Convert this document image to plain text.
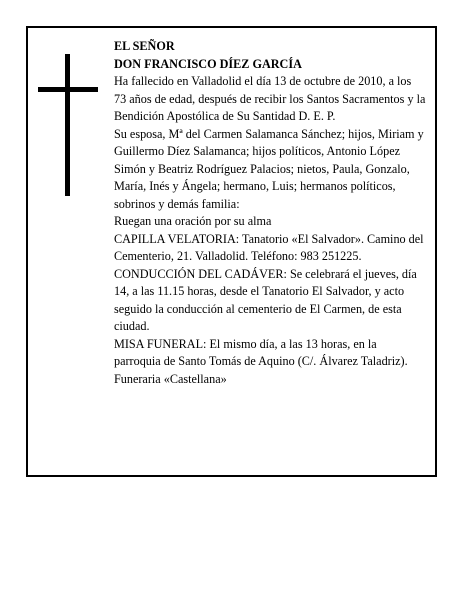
EL SEÑOR

DON FRANCISCO DÍEZ GARCÍA

Ha fallecido en Valladolid el día 13 de octubre de 2010, a los 73 años de edad, después de recibir los Santos Sacramentos y la Bendición Apostólica de Su Santidad D. E. P.

Su esposa, Mª del Carmen Salamanca Sánchez; hijos, Miriam y Guillermo Díez Salamanca; hijos políticos, Antonio López Simón y Beatriz Rodríguez Palacios; nietos, Paula, Gonzalo, María, Inés y Ángela; hermano, Luis; hermanos políticos, sobrinos y demás familia:

Ruegan una oración por su alma

CAPILLA VELATORIA: Tanatorio «El Salvador». Camino del Cementerio, 21. Valladolid. Teléfono: 983 251225.

CONDUCCIÓN DEL CADÁVER: Se celebrará el jueves, día 14, a las 11.15 horas, desde el Tanatorio El Salvador, y acto seguido la conducción al cementerio de El Carmen, de esta ciudad.

MISA FUNERAL: El mismo día, a las 13 horas, en la parroquia de Santo Tomás de Aquino (C/. Álvarez Taladriz).

Funeraria «Castellana»
